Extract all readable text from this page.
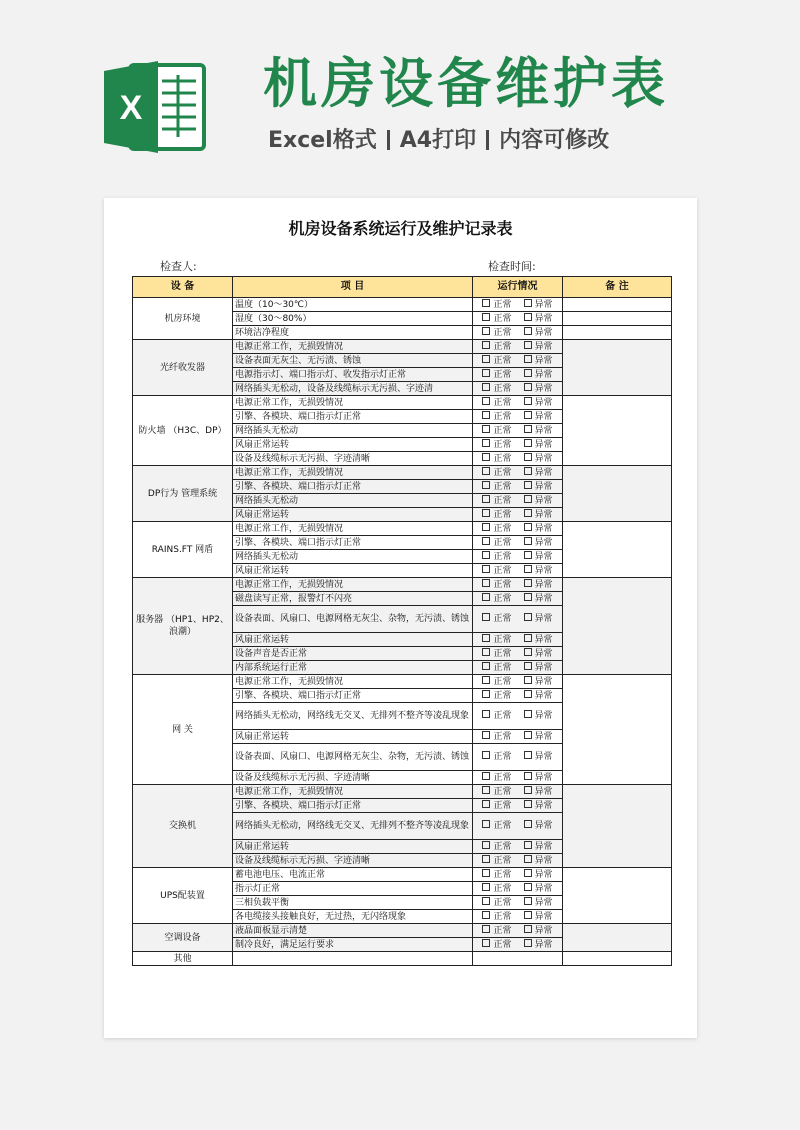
X 机房设备维护表
Excel格式 A4打印 内容可修改
机房设备系统运行及维护记录表
检查人:	检查时间:
设 备	项 目	运行情况	备 注
机房环境	温度（10～30℃）	正常 异常	
	湿度（30～80%）	正常 异常	
	环境洁净程度	正常 异常	
光纤收发器	电源正常工作，无损毁情况	正常 异常	
	设备表面无灰尘、无污渍、锈蚀	正常 异常	
	电源指示灯、端口指示灯、收发指示灯正常	正常 异常	
	网络插头无松动，设备及线缆标示无污损、字迹清	正常 异常	
防火墙 （H3C、DP）	电源正常工作，无损毁情况	正常 异常	
	引擎、各模块、端口指示灯正常	正常 异常	
	网络插头无松动	正常 异常	
	风扇正常运转	正常 异常	
	设备及线缆标示无污损、字迹清晰	正常 异常	
DP行为 管理系统	电源正常工作，无损毁情况	正常 异常	
	引擎、各模块、端口指示灯正常	正常 异常	
	网络插头无松动	正常 异常	
	风扇正常运转	正常 异常	
RAINS.FT 网盾	电源正常工作，无损毁情况	正常 异常	
	引擎、各模块、端口指示灯正常	正常 异常	
	网络插头无松动	正常 异常	
	风扇正常运转	正常 异常	
服务器 （HP1、HP2、浪潮）	电源正常工作，无损毁情况	正常 异常	
	磁盘读写正常，报警灯不闪亮	正常 异常	
	设备表面、风扇口、电源网格无灰尘、杂物，无污渍、锈蚀	正常 异常	
	风扇正常运转	正常 异常	
	设备声音是否正常	正常 异常	
	内部系统运行正常	正常 异常	
网 关	电源正常工作，无损毁情况	正常 异常	
	引擎、各模块、端口指示灯正常	正常 异常	
	网络插头无松动，网络线无交叉、无排列不整齐等凌乱现象	正常 异常	
	风扇正常运转	正常 异常	
	设备表面、风扇口、电源网格无灰尘、杂物，无污渍、锈蚀	正常 异常	
	设备及线缆标示无污损、字迹清晰	正常 异常	
交换机	电源正常工作，无损毁情况	正常 异常	
	引擎、各模块、端口指示灯正常	正常 异常	
	网络插头无松动，网络线无交叉、无排列不整齐等凌乱现象	正常 异常	
	风扇正常运转	正常 异常	
	设备及线缆标示无污损、字迹清晰	正常 异常	
UPS配装置	蓄电池电压、电流正常	正常 异常	
	指示灯正常	正常 异常	
	三相负载平衡	正常 异常	
	各电缆接头接触良好，无过热，无闪络现象	正常 异常	
空调设备	液晶面板显示清楚	正常 异常	
	制冷良好，满足运行要求	正常 异常	
其他			
